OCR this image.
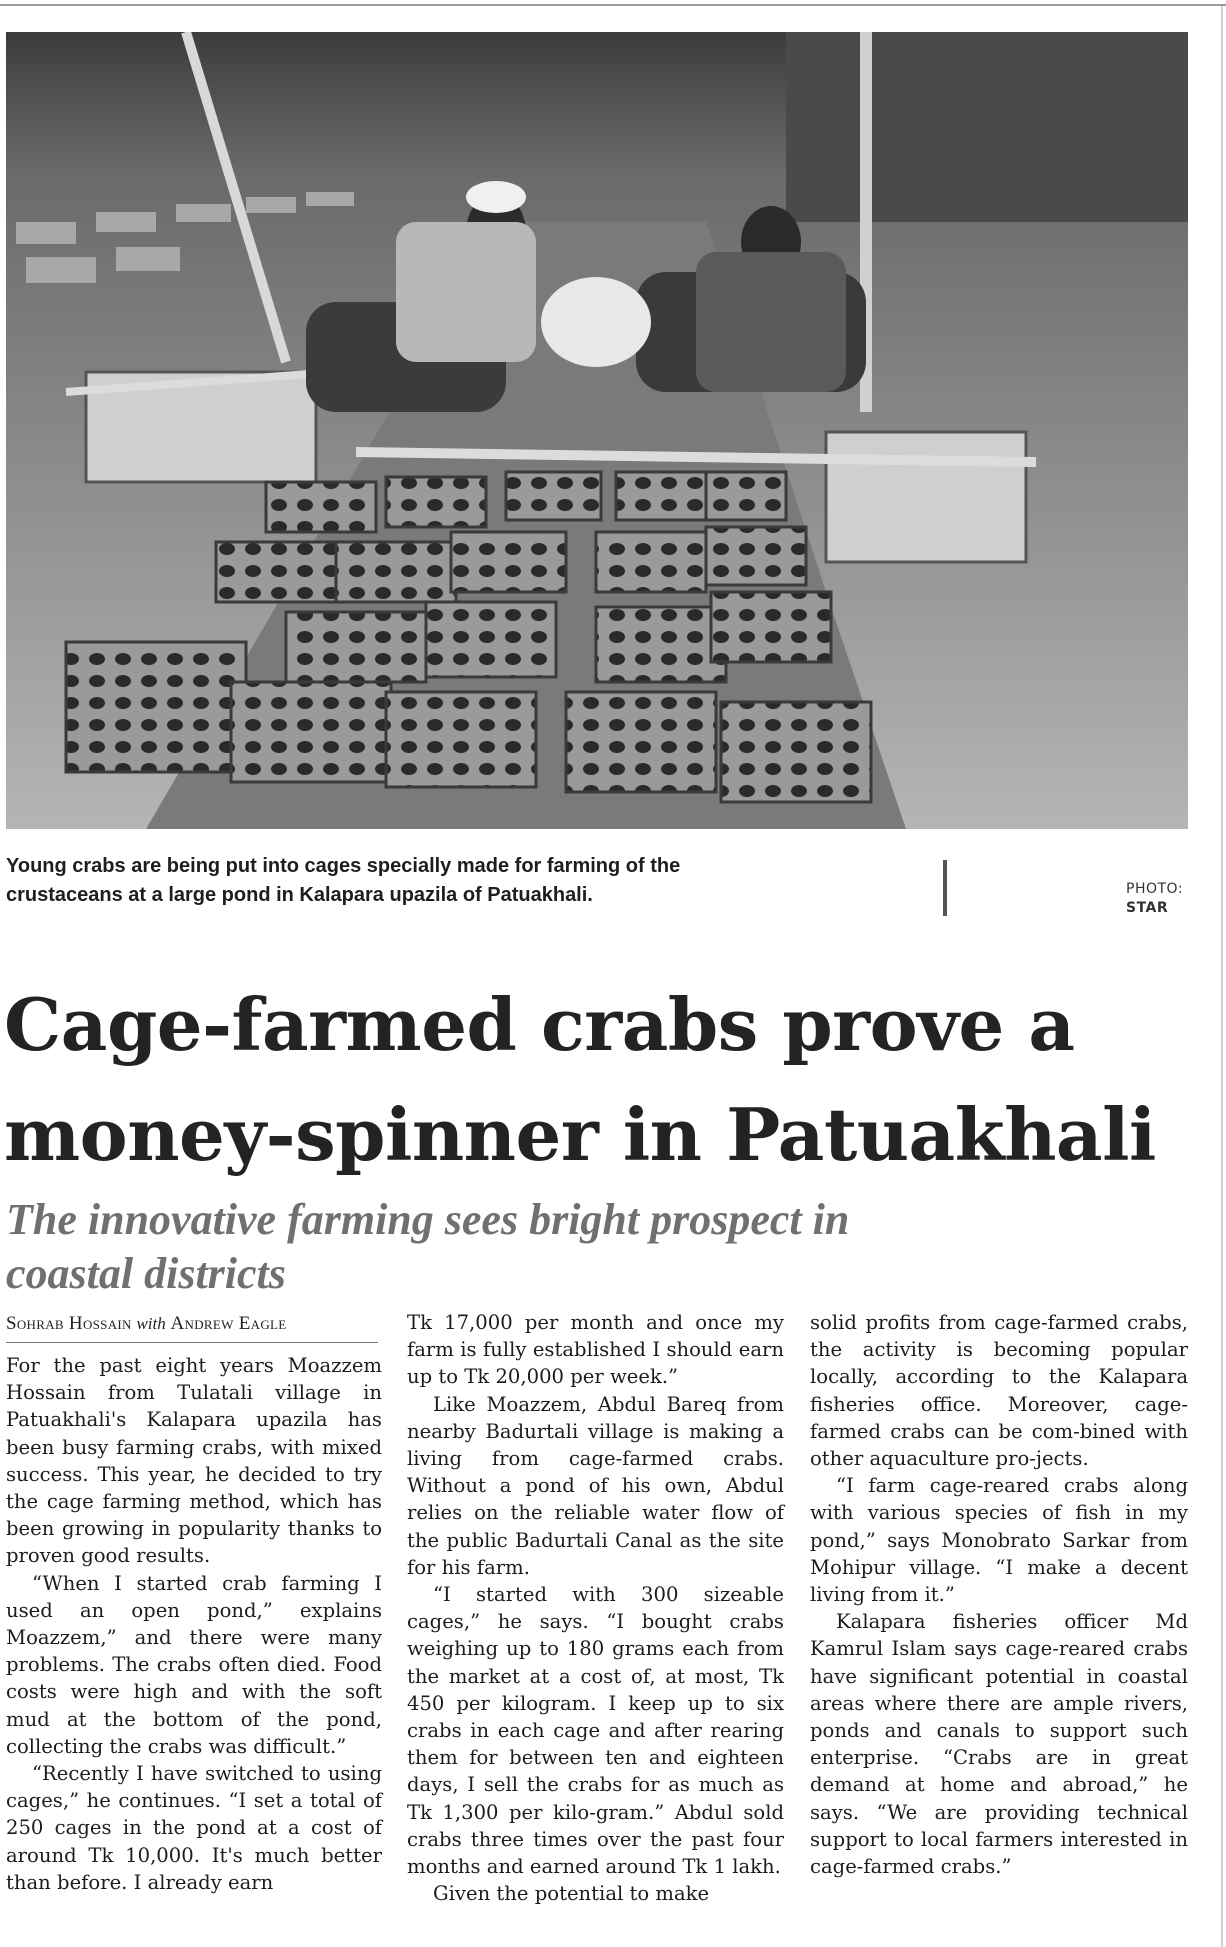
Young crabs are being put into cages specially made for farming of the crustaceans at a large pond in Kalapara upazila of Patuakhali.	PHOTO:
STAR
Cage-farmed crabs prove a money-spinner in Patuakhali
The innovative farming sees bright prospect in coastal districts
Sohrab Hossain with Andrew Eagle

For the past eight years Moazzem Hossain from Tulatali village in Patuakhali's Kalapara upazila has been busy farming crabs, with mixed success. This year, he decided to try the cage farming method, which has been growing in popularity thanks to proven good results.

“When I started crab farming I used an open pond,” explains Moazzem,” and there were many problems. The crabs often died. Food costs were high and with the soft mud at the bottom of the pond, collecting the crabs was difficult.”

“Recently I have switched to using cages,” he continues. “I set a total of 250 cages in the pond at a cost of around Tk 10,000. It's much better than before. I already earn

Tk 17,000 per month and once my farm is fully established I should earn up to Tk 20,000 per week.”

Like Moazzem, Abdul Bareq from nearby Badurtali village is making a living from cage-farmed crabs. Without a pond of his own, Abdul relies on the reliable water flow of the public Badurtali Canal as the site for his farm.

“I started with 300 sizeable cages,” he says. “I bought crabs weighing up to 180 grams each from the market at a cost of, at most, Tk 450 per kilogram. I keep up to six crabs in each cage and after rearing them for between ten and eighteen days, I sell the crabs for as much as Tk 1,300 per kilo-gram.” Abdul sold crabs three times over the past four months and earned around Tk 1 lakh.

Given the potential to make

solid profits from cage-farmed crabs, the activity is becoming popular locally, according to the Kalapara fisheries office. Moreover, cage-farmed crabs can be com-bined with other aquaculture pro-jects.

“I farm cage-reared crabs along with various species of fish in my pond,” says Monobrato Sarkar from Mohipur village. “I make a decent living from it.”

Kalapara fisheries officer Md Kamrul Islam says cage-reared crabs have significant potential in coastal areas where there are ample rivers, ponds and canals to support such enterprise. “Crabs are in great demand at home and abroad,” he says. “We are providing technical support to local farmers interested in cage-farmed crabs.”
